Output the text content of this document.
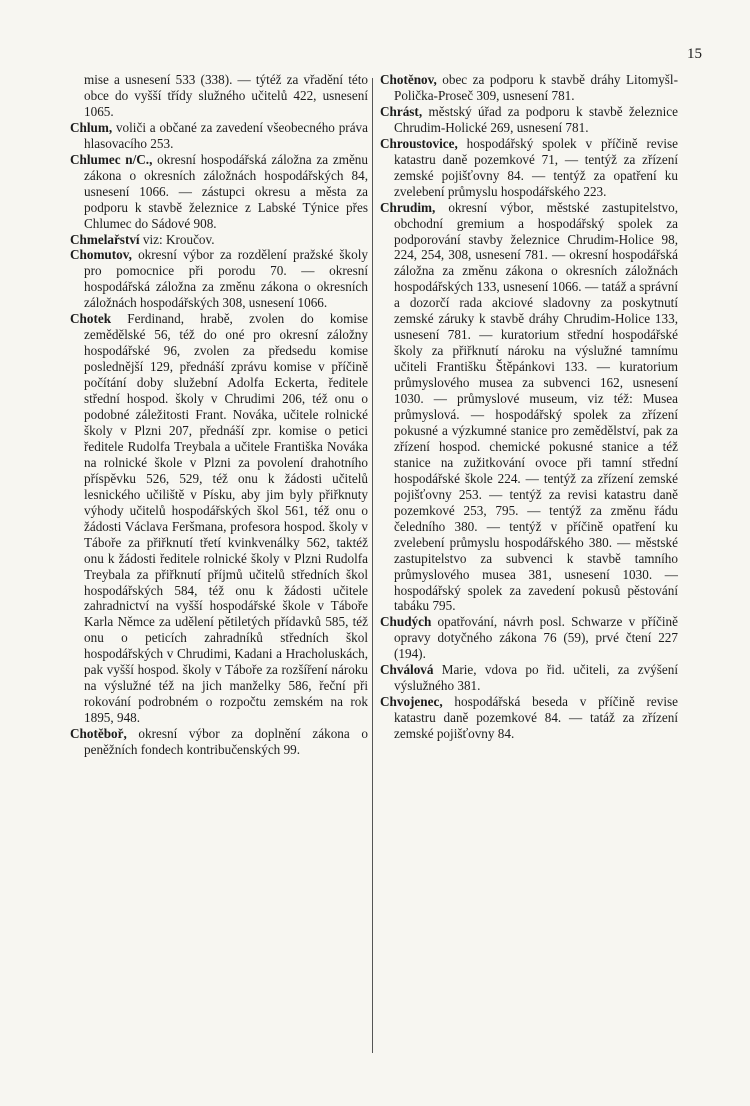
15

mise a usnesení 533 (338). — týtéž za vřadění této obce do vyšší třídy služného učitelů 422, usnesení 1065.

Chlum, voliči a občané za zavedení všeobecného práva hlasovacího 253.

Chlumec n/C., okresní hospodářská záložna za změnu zákona o okresních záložnách hospodářských 84, usnesení 1066. — zástupci okresu a města za podporu k stavbě železnice z Labské Týnice přes Chlumec do Sádové 908.

Chmelařství viz: Kroučov.

Chomutov, okresní výbor za rozdělení pražské školy pro pomocnice při porodu 70. — okresní hospodářská záložna za změnu zákona o okresních záložnách hospodářských 308, usnesení 1066.

Chotek Ferdinand, hrabě, zvolen do komise zemědělské 56, též do oné pro okresní záložny hospodářské 96, zvolen za předsedu komise poslednější 129, přednáší zprávu komise v příčině počítání doby služební Adolfa Eckerta, ředitele střední hospod. školy v Chrudimi 206, též onu o podobné záležitosti Frant. Nováka, učitele rolnické školy v Plzni 207, přednáší zpr. komise o petici ředitele Rudolfa Treybala a učitele Františka Nováka na rolnické škole v Plzni za povolení drahotního příspěvku 526, 529, též onu k žádosti učitelů lesnického učiliště v Písku, aby jim byly přiřknuty výhody učitelů hospodářských škol 561, též onu o žádosti Václava Feršmana, profesora hospod. školy v Táboře za přiřknutí třetí kvinkvenálky 562, taktéž onu k žádosti ředitele rolnické školy v Plzni Rudolfa Treybala za přiřknutí příjmů učitelů středních škol hospodářských 584, též onu k žádosti učitele zahradnictví na vyšší hospodářské škole v Táboře Karla Němce za udělení pětiletých přídavků 585, též onu o peticích zahradníků středních škol hospodářských v Chrudimi, Kadani a Hracholuskách, pak vyšší hospod. školy v Táboře za rozšíření nároku na výslužné též na jich manželky 586, řeční při rokování podrobném o rozpočtu zemském na rok 1895, 948.

Chotěboř, okresní výbor za doplnění zákona o peněžních fondech kontribučenských 99.

Chotěnov, obec za podporu k stavbě dráhy Litomyšl-Polička-Proseč 309, usnesení 781.

Chrást, městský úřad za podporu k stavbě železnice Chrudim-Holické 269, usnesení 781.

Chroustovice, hospodářský spolek v příčině revise katastru daně pozemkové 71, — tentýž za zřízení zemské pojišťovny 84. — tentýž za opatření ku zvelebení průmyslu hospodářského 223.

Chrudim, okresní výbor, městské zastupitelstvo, obchodní gremium a hospodářský spolek za podporování stavby železnice Chrudim-Holice 98, 224, 254, 308, usnesení 781. — okresní hospodářská záložna za změnu zákona o okresních záložnách hospodářských 133, usnesení 1066. — tatáž a správní a dozorčí rada akciové sladovny za poskytnutí zemské záruky k stavbě dráhy Chrudim-Holice 133, usnesení 781. — kuratorium střední hospodářské školy za přiřknutí nároku na výslužné tamnímu učiteli Františku Štěpánkovi 133. — kuratorium průmyslového musea za subvenci 162, usnesení 1030. — průmyslové museum, viz též: Musea průmyslová. — hospodářský spolek za zřízení pokusné a výzkumné stanice pro zemědělství, pak za zřízení hospod. chemické pokusné stanice a též stanice na zužitkování ovoce při tamní střední hospodářské škole 224. — tentýž za zřízení zemské pojišťovny 253. — tentýž za revisi katastru daně pozemkové 253, 795. — tentýž za změnu řádu čeledního 380. — tentýž v příčině opatření ku zvelebení průmyslu hospodářského 380. — městské zastupitelstvo za subvenci k stavbě tamního průmyslového musea 381, usnesení 1030. — hospodářský spolek za zavedení pokusů pěstování tabáku 795.

Chudých opatřování, návrh posl. Schwarze v příčině opravy dotyčného zákona 76 (59), prvé čtení 227 (194).

Chválová Marie, vdova po řid. učiteli, za zvýšení výslužného 381.

Chvojenec, hospodářská beseda v příčině revise katastru daně pozemkové 84. — tatáž za zřízení zemské pojišťovny 84.
